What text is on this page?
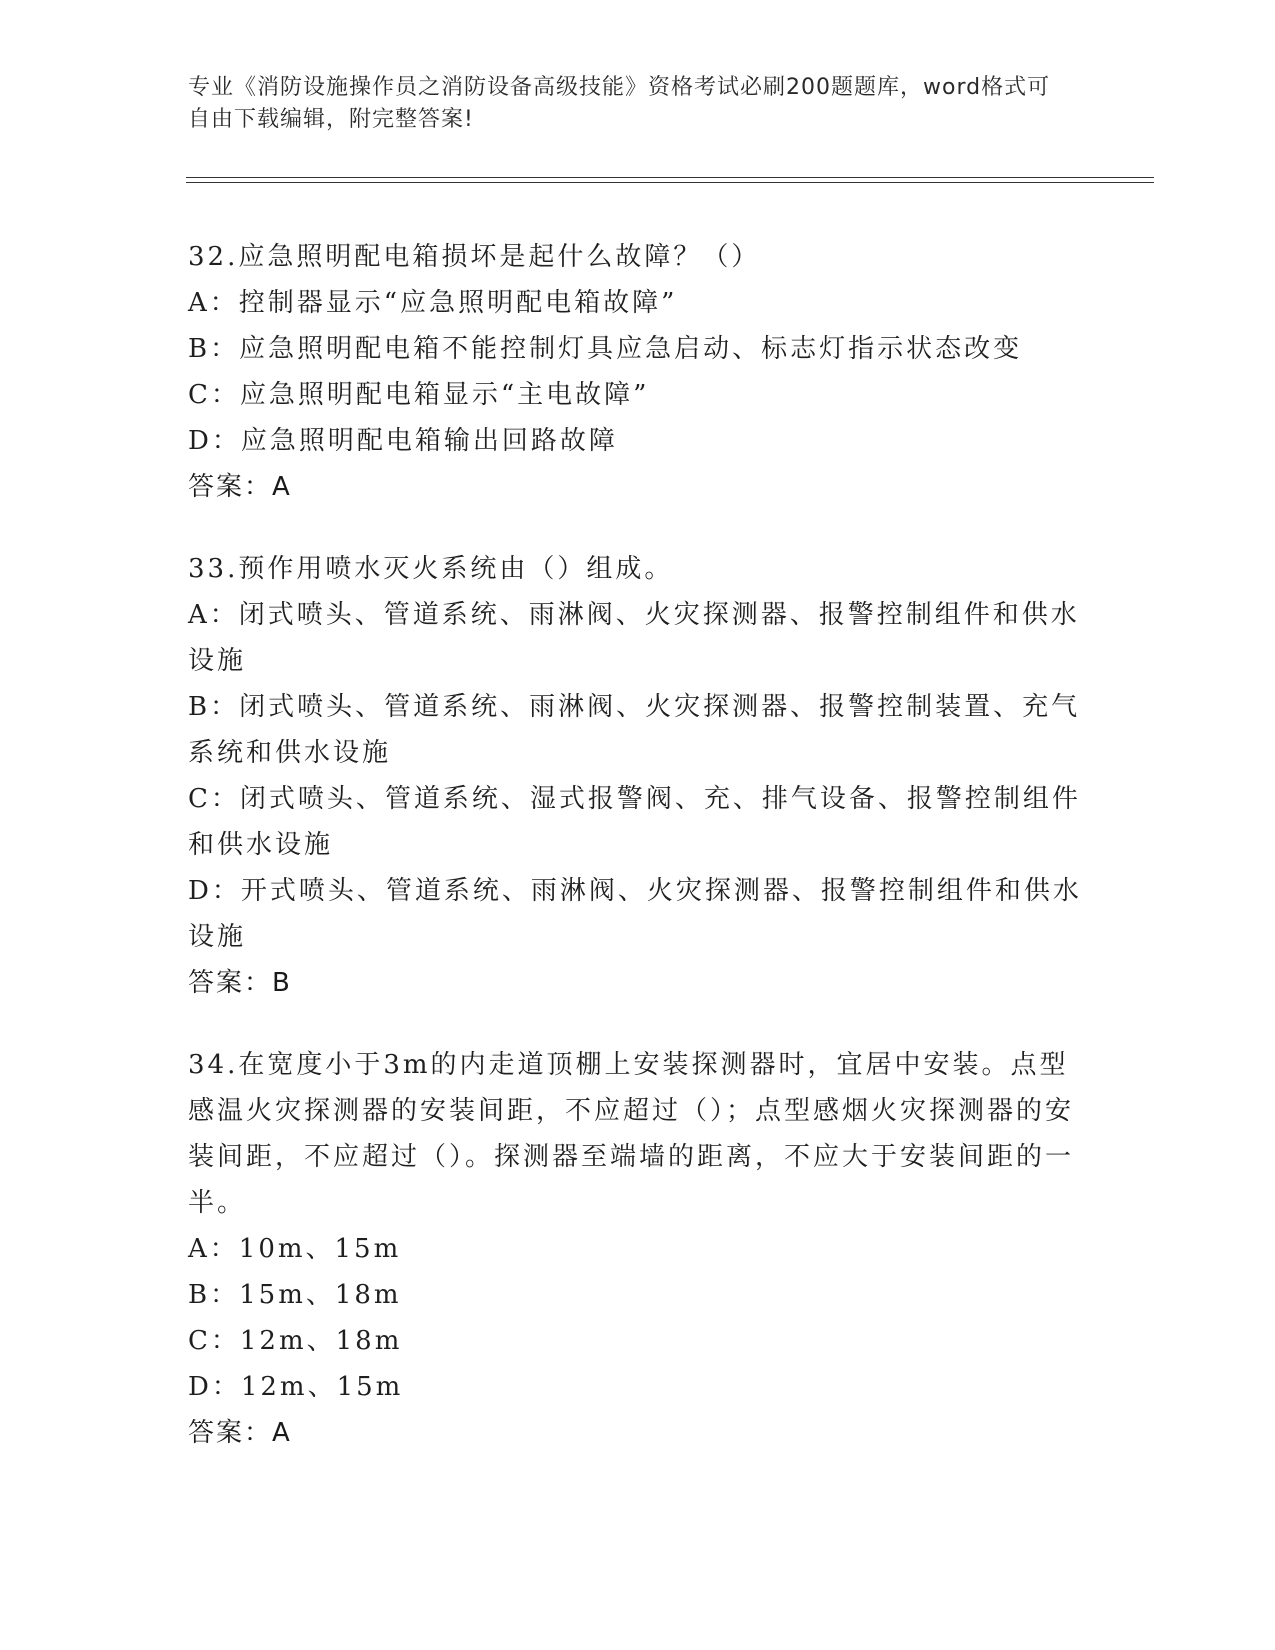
专业《消防设施操作员之消防设备高级技能》资格考试必刷200题题库，word格式可自由下载编辑，附完整答案!
32.应急照明配电箱损坏是起什么故障？（）
A：控制器显示“应急照明配电箱故障”
B：应急照明配电箱不能控制灯具应急启动、标志灯指示状态改变
C：应急照明配电箱显示“主电故障”
D：应急照明配电箱输出回路故障
答案：A
33.预作用喷水灭火系统由（）组成。
A：闭式喷头、管道系统、雨淋阀、火灾探测器、报警控制组件和供水设施
B：闭式喷头、管道系统、雨淋阀、火灾探测器、报警控制装置、充气系统和供水设施
C：闭式喷头、管道系统、湿式报警阀、充、排气设备、报警控制组件和供水设施
D：开式喷头、管道系统、雨淋阀、火灾探测器、报警控制组件和供水设施
答案：B
34.在宽度小于3m的内走道顶棚上安装探测器时，宜居中安装。点型感温火灾探测器的安装间距，不应超过（）；点型感烟火灾探测器的安装间距，不应超过（）。探测器至端墙的距离，不应大于安装间距的一半。
A：10m、15m
B：15m、18m
C：12m、18m
D：12m、15m
答案：A
